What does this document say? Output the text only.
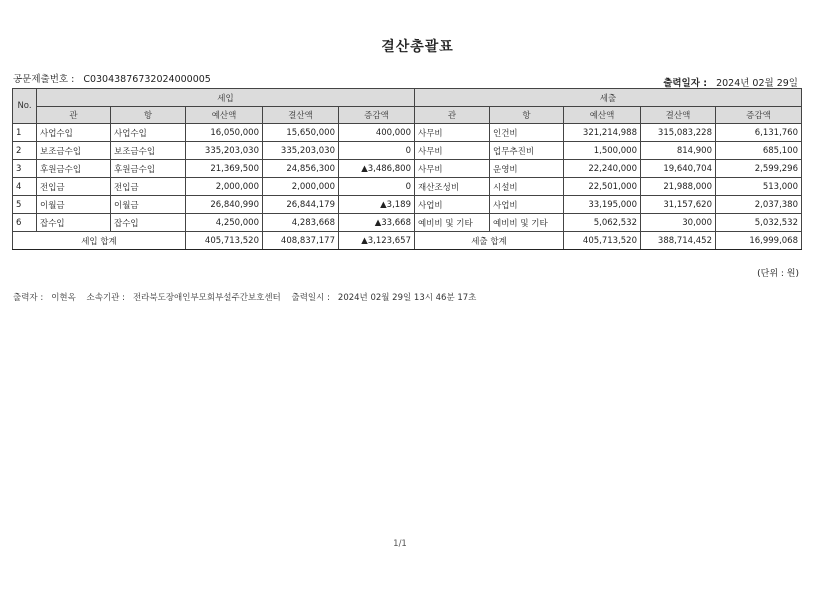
결산총괄표
공문제출번호 : C03043876732024000005	출력일자 : 2024년 02월 29일
No.	세입					세출				
	관	항	예산액	결산액	증감액	관	항	예산액	결산액	증감액
1	사업수입	사업수입	16,050,000	15,650,000	400,000	사무비	인건비	321,214,988	315,083,228	6,131,760
2	보조금수입	보조금수입	335,203,030	335,203,030	0	사무비	업무추진비	1,500,000	814,900	685,100
3	후원금수입	후원금수입	21,369,500	24,856,300	▲3,486,800	사무비	운영비	22,240,000	19,640,704	2,599,296
4	전입금	전입금	2,000,000	2,000,000	0	재산조성비	시설비	22,501,000	21,988,000	513,000
5	이월금	이월금	26,840,990	26,844,179	▲3,189	사업비	사업비	33,195,000	31,157,620	2,037,380
6	잡수입	잡수입	4,250,000	4,283,668	▲33,668	예비비 및 기타	예비비 및 기타	5,062,532	30,000	5,032,532
세입 합계			405,713,520	408,837,177	▲3,123,657	세출 합계		405,713,520	388,714,452	16,999,068
(단위 : 원)
출력자 : 이현옥 소속기관 : 전라북도장애인부모회부설주간보호센터 출력일시 : 2024년 02월 29일 13시 46분 17초
1/1
